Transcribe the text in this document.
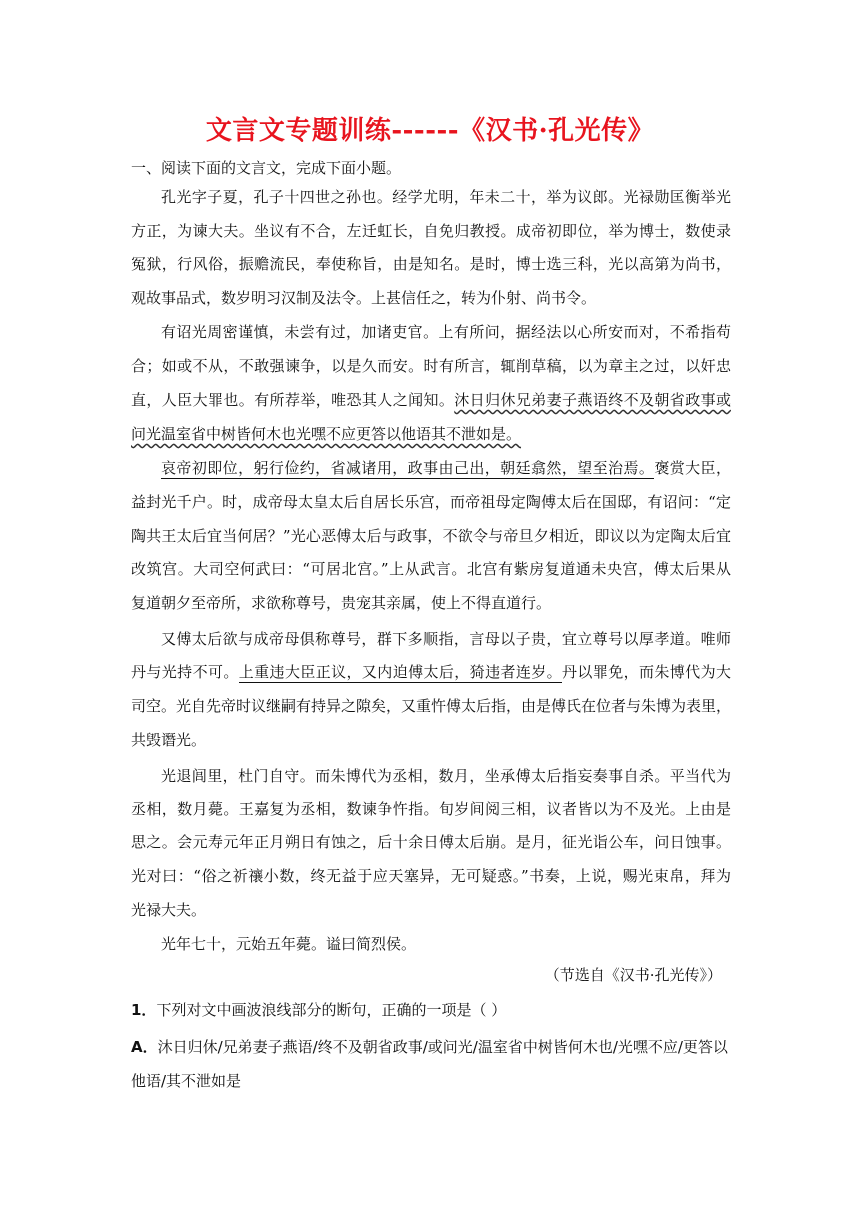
文言文专题训练------《汉书·孔光传》
一、阅读下面的文言文，完成下面小题。
孔光字子夏，孔子十四世之孙也。经学尤明，年未二十，举为议郎。光禄勋匡衡举光
方正，为谏大夫。坐议有不合，左迁虹长，自免归教授。成帝初即位，举为博士，数使录
冤狱，行风俗，振赡流民，奉使称旨，由是知名。是时，博士选三科，光以高第为尚书，
观故事品式，数岁明习汉制及法令。上甚信任之，转为仆射、尚书令。
有诏光周密谨慎，未尝有过，加诸吏官。上有所问，据经法以心所安而对，不希指苟
合；如或不从，不敢强谏争，以是久而安。时有所言，辄削草稿，以为章主之过，以奸忠
直，人臣大罪也。有所荐举，唯恐其人之闻知。沐日归休兄弟妻子燕语终不及朝省政事或
问光温室省中树皆何木也光嘿不应更答以他语其不泄如是。
哀帝初即位，躬行俭约，省减诸用，政事由己出，朝廷翕然，望至治焉。褒赏大臣，
益封光千户。时，成帝母太皇太后自居长乐宫，而帝祖母定陶傅太后在国邸，有诏问：“定
陶共王太后宜当何居？”光心恶傅太后与政事，不欲令与帝旦夕相近，即议以为定陶太后宜
改筑宫。大司空何武曰：“可居北宫。”上从武言。北宫有紫房复道通未央宫，傅太后果从
复道朝夕至帝所，求欲称尊号，贵宠其亲属，使上不得直道行。
又傅太后欲与成帝母俱称尊号，群下多顺指，言母以子贵，宜立尊号以厚孝道。唯师
丹与光持不可。上重违大臣正议，又内迫傅太后，猗违者连岁。丹以罪免，而朱博代为大
司空。光自先帝时议继嗣有持异之隙矣，又重忤傅太后指，由是傅氏在位者与朱博为表里，
共毁谮光。
光退闾里，杜门自守。而朱博代为丞相，数月，坐承傅太后指妄奏事自杀。平当代为
丞相，数月薨。王嘉复为丞相，数谏争忤指。旬岁间阅三相，议者皆以为不及光。上由是
思之。会元寿元年正月朔日有蚀之，后十余日傅太后崩。是月，征光诣公车，问日蚀事。
光对曰：“俗之祈禳小数，终无益于应天塞异，无可疑惑。”书奏，上说，赐光束帛，拜为
光禄大夫。
光年七十，元始五年薨。谥曰简烈侯。
（节选自《汉书·孔光传》）
1．下列对文中画波浪线部分的断句，正确的一项是（ ）
A．沐日归休/兄弟妻子燕语/终不及朝省政事/或问光/温室省中树皆何木也/光嘿不应/更答以
他语/其不泄如是
